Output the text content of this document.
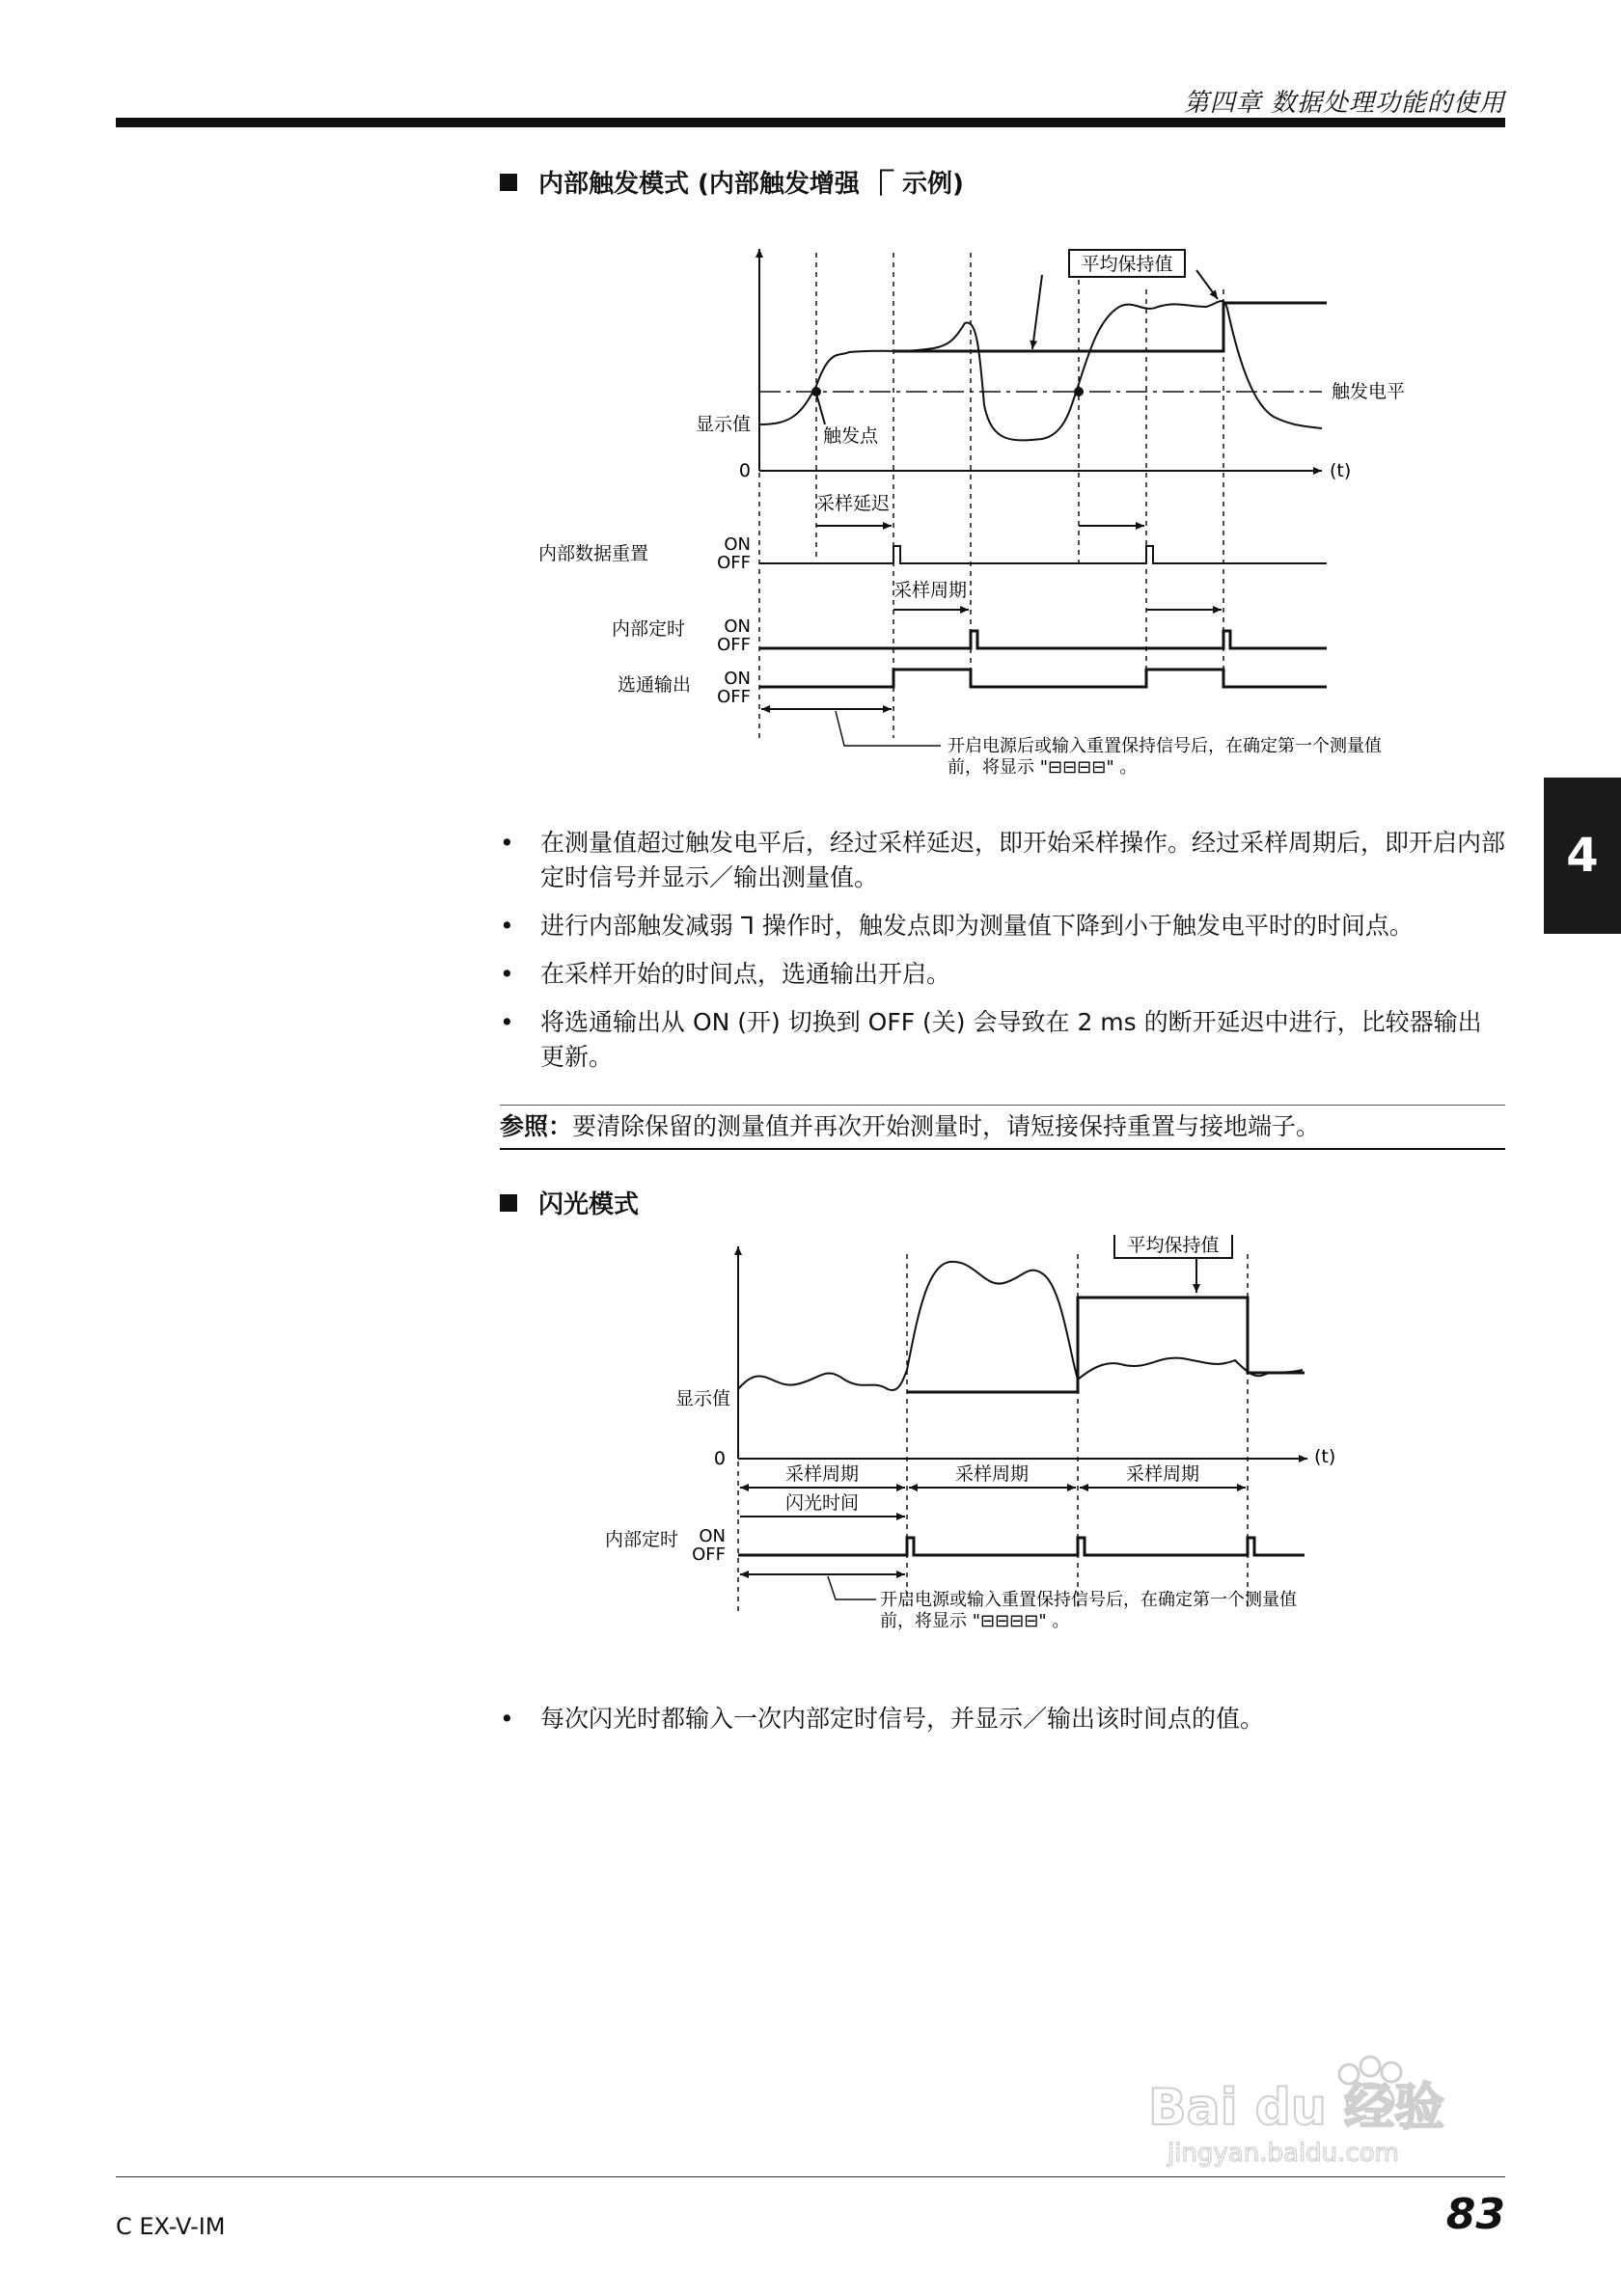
第四章 数据处理功能的使用
内部触发模式 (内部触发增强 ⎾ 示例)
平均保持值
触发电平
显示值
触发点
0	(t)
采样延迟
采样周期
内部数据重置	ON
OFF
内部定时 ON
OFF
选通输出 ON
OFF
开启电源后或输入重置保持信号后，在确定第一个测量值
前，将显示 "⊟⊟⊟⊟" 。
• 在测量值超过触发电平后，经过采样延迟，即开始采样操作。经过采样周期后，即开启内部定时信号并显示／输出测量值。
• 进行内部触发减弱 ⅂ 操作时，触发点即为测量值下降到小于触发电平时的时间点。
• 在采样开始的时间点，选通输出开启。
• 将选通输出从 ON (开) 切换到 OFF (关) 会导致在 2 ms 的断开延迟中进行，比较器输出更新。
参照：要清除保留的测量值并再次开始测量时，请短接保持重置与接地端子。
闪光模式
平均保持值
显示值
0	(t)
采样周期	采样周期	采样周期
闪光时间
内部定时 ON
OFF
开启电源或输入重置保持信号后，在确定第一个测量值
前，将显示 "⊟⊟⊟⊟" 。
• 每次闪光时都输入一次内部定时信号，并显示／输出该时间点的值。
4
Bai du 经验
jingyan.baidu.com
C EX-V-IM	83
